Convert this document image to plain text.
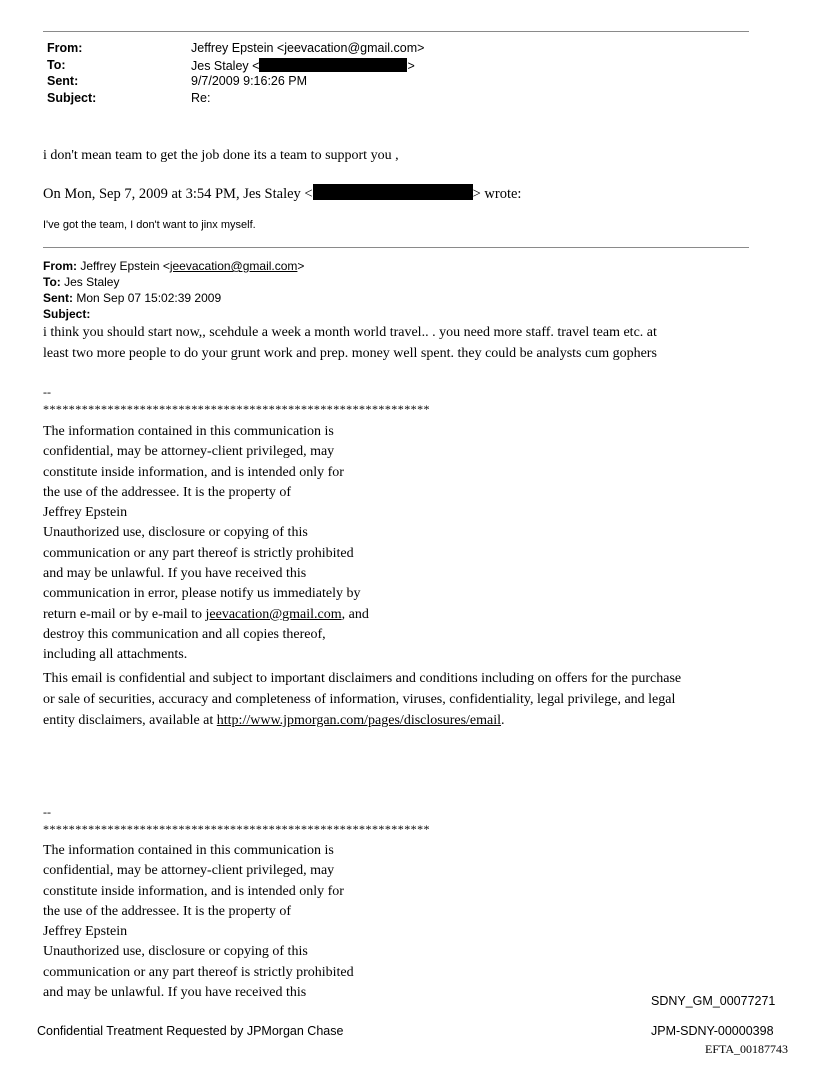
From:	Jeffrey Epstein <jeevacation@gmail.com>
To:	Jes Staley <	>
Sent:	9/7/2009 9:16:26 PM
Subject:	Re:
i don't mean team to get the job done its a team to support you ,
On Mon, Sep 7, 2009 at 3:54 PM, Jes Staley <	> wrote:
I've got the team, I don't want to jinx myself.
From: Jeffrey Epstein <jeevacation@gmail.com>
To: Jes Staley
Sent: Mon Sep 07 15:02:39 2009
Subject:
i think you should start now,, scehdule a week a month world travel.. . you need more staff. travel team etc. at
least two more people to do your grunt work and prep. money well spent. they could be analysts cum gophers
--
************************************************************
The information contained in this communication is
confidential, may be attorney-client privileged, may
constitute inside information, and is intended only for
the use of the addressee. It is the property of
Jeffrey Epstein
Unauthorized use, disclosure or copying of this
communication or any part thereof is strictly prohibited
and may be unlawful. If you have received this
communication in error, please notify us immediately by
return e-mail or by e-mail to jeevacation@gmail.com, and
destroy this communication and all copies thereof,
including all attachments.
This email is confidential and subject to important disclaimers and conditions including on offers for the purchase
or sale of securities, accuracy and completeness of information, viruses, confidentiality, legal privilege, and legal
entity disclaimers, available at http://www.jpmorgan.com/pages/disclosures/email.
--
************************************************************
The information contained in this communication is
confidential, may be attorney-client privileged, may
constitute inside information, and is intended only for
the use of the addressee. It is the property of
Jeffrey Epstein
Unauthorized use, disclosure or copying of this
communication or any part thereof is strictly prohibited
and may be unlawful. If you have received this
SDNY_GM_00077271
Confidential Treatment Requested by JPMorgan Chase	JPM-SDNY-00000398
EFTA_00187743
